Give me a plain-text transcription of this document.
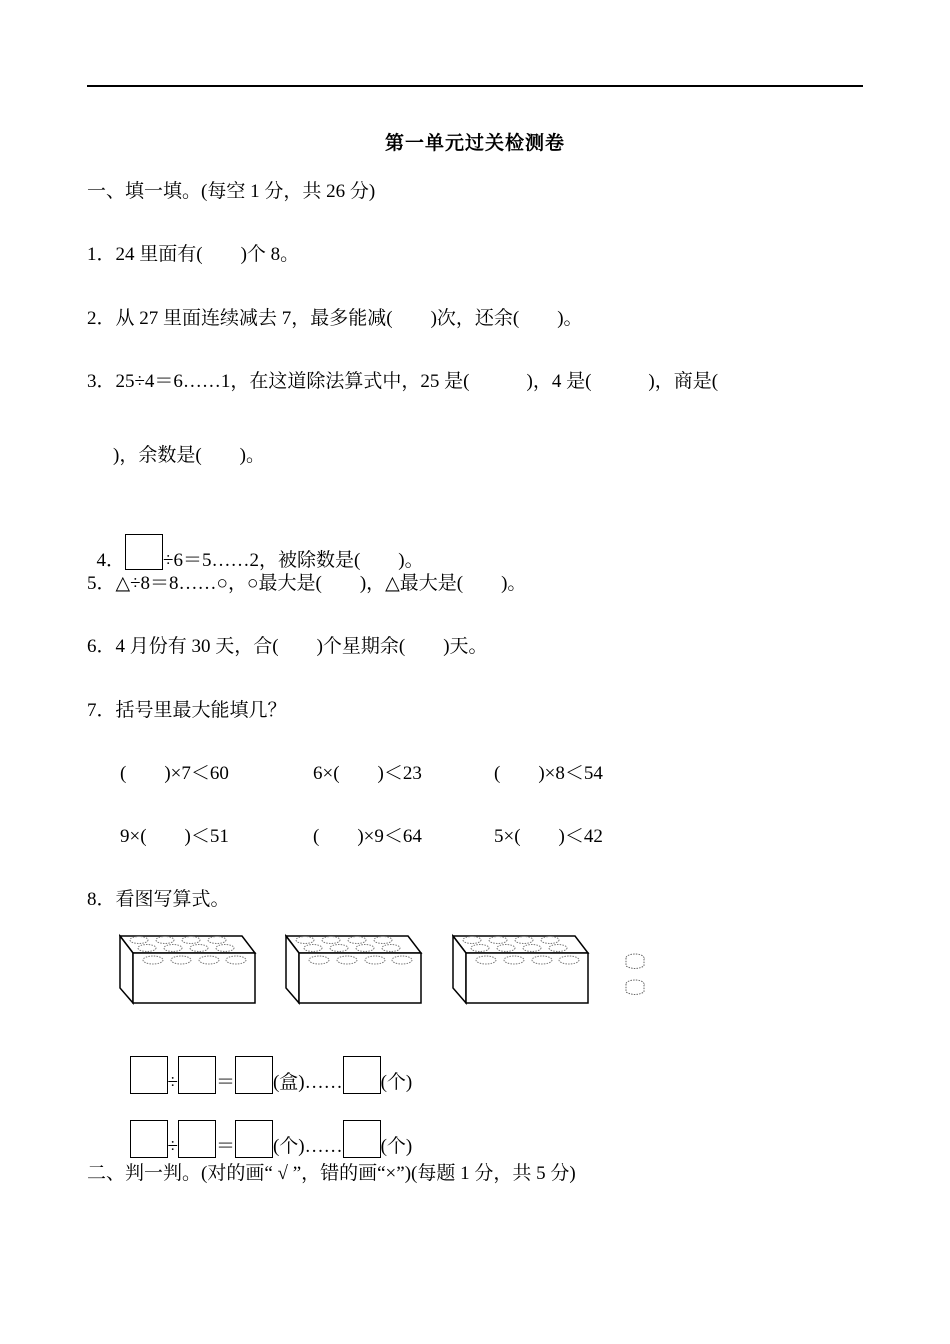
第一单元过关检测卷
一、填一填。(每空 1 分，共 26 分)
1．24 里面有(　　)个 8。
2．从 27 里面连续减去 7，最多能减(　　)次，还余(　　)。
3．25÷4＝6……1，在这道除法算式中，25 是(　　　)，4 是(　　　)，商是(
)，余数是(　　)。

4． ÷6＝5……2，被除数是(　　)。

5．△÷8＝8……○，○最大是(　　)，△最大是(　　)。
6．4 月份有 30 天，合(　　)个星期余(　　)天。
7．括号里最大能填几？
(　　)×7＜60	6×(　　)＜23	(　　)×8＜54
9×(　　)＜51	(　　)×9＜64	5×(　　)＜42
8．看图写算式。

÷ ＝ (盒)…… (个)

÷ ＝ (个)…… (个)

二、判一判。(对的画“ √ ”，错的画“×”)(每题 1 分，共 5 分)
